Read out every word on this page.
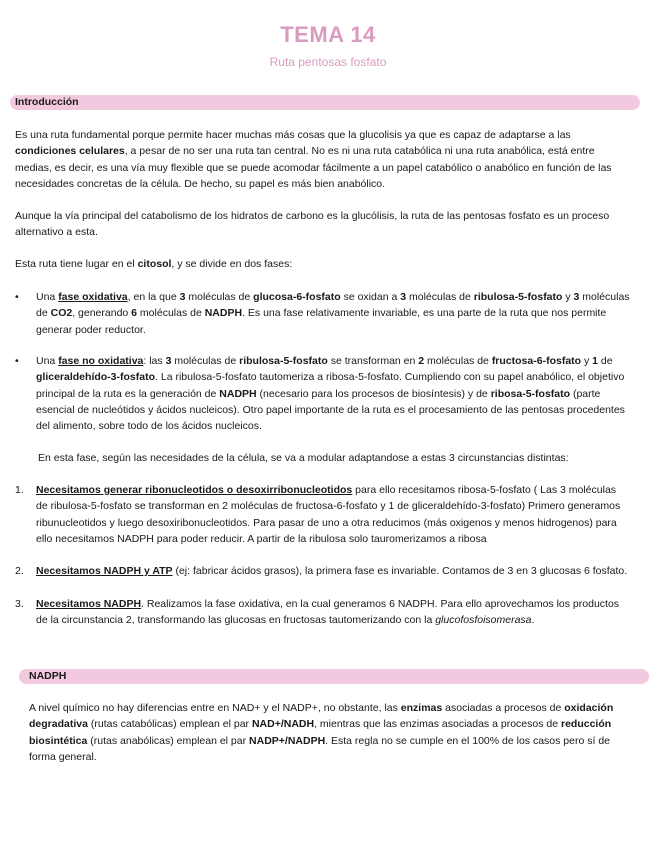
TEMA 14
Ruta pentosas fosfato
Introducción

Es una ruta fundamental porque permite hacer muchas más cosas que la glucolisis ya que es capaz de adaptarse a las condiciones celulares, a pesar de no ser una ruta tan central. No es ni una ruta catabólica ni una ruta anabólica, está entre medias, es decir, es una vía muy flexible que se puede acomodar fácilmente a un papel catabólico o anabólico en función de las necesidades concretas de la célula. De hecho, su papel es más bien anabólico.

Aunque la vía principal del catabolismo de los hidratos de carbono es la glucólisis, la ruta de las pentosas fosfato es un proceso alternativo a esta.

Esta ruta tiene lugar en el citosol, y se divide en dos fases:

• Una fase oxidativa, en la que 3 moléculas de glucosa-6-fosfato se oxidan a 3 moléculas de ribulosa-5-fosfato y 3 moléculas de CO2, generando 6 moléculas de NADPH. Es una fase relativamente invariable, es una parte de la ruta que nos permite generar poder reductor.

• Una fase no oxidativa: las 3 moléculas de ribulosa-5-fosfato se transforman en 2 moléculas de fructosa-6-fosfato y 1 de gliceraldehído-3-fosfato. La ribulosa-5-fosfato tautomeriza a ribosa-5-fosfato. Cumpliendo con su papel anabólico, el objetivo principal de la ruta es la generación de NADPH (necesario para los procesos de biosíntesis) y de ribosa-5-fosfato (parte esencial de nucleótidos y ácidos nucleicos). Otro papel importante de la ruta es el procesamiento de las pentosas procedentes del alimento, sobre todo de los ácidos nucleicos.

En esta fase, según las necesidades de la célula, se va a modular adaptandose a estas 3 circunstancias distintas:

1. Necesitamos generar ribonucleotidos o desoxirribonucleotidos para ello recesitamos ribosa-5-fosfato ( Las 3 moléculas de ribulosa-5-fosfato se transforman en 2 moléculas de fructosa-6-fosfato y 1 de gliceraldehído-3-fosfato) Primero generamos ribunucleotidos y luego desoxiribonucleotidos. Para pasar de uno a otra reducimos (más oxigenos y menos hidrogenos) para ello necesitamos NADPH para poder reducir. A partir de la ribulosa solo tauromerizamos a ribosa

2. Necesitamos NADPH y ATP (ej: fabricar ácidos grasos), la primera fase es invariable. Contamos de 3 en 3 glucosas 6 fosfato.

3. Necesitamos NADPH. Realizamos la fase oxidativa, en la cual generamos 6 NADPH. Para ello aprovechamos los productos de la circunstancia 2, transformando las glucosas en fructosas tautomerizando con la glucofosfoisomerasa.

NADPH

A nivel químico no hay diferencias entre en NAD+ y el NADP+, no obstante, las enzimas asociadas a procesos de oxidación degradativa (rutas catabólicas) emplean el par NAD+/NADH, mientras que las enzimas asociadas a procesos de reducción biosintética (rutas anabólicas) emplean el par NADP+/NADPH. Esta regla no se cumple en el 100% de los casos pero sí de forma general.
